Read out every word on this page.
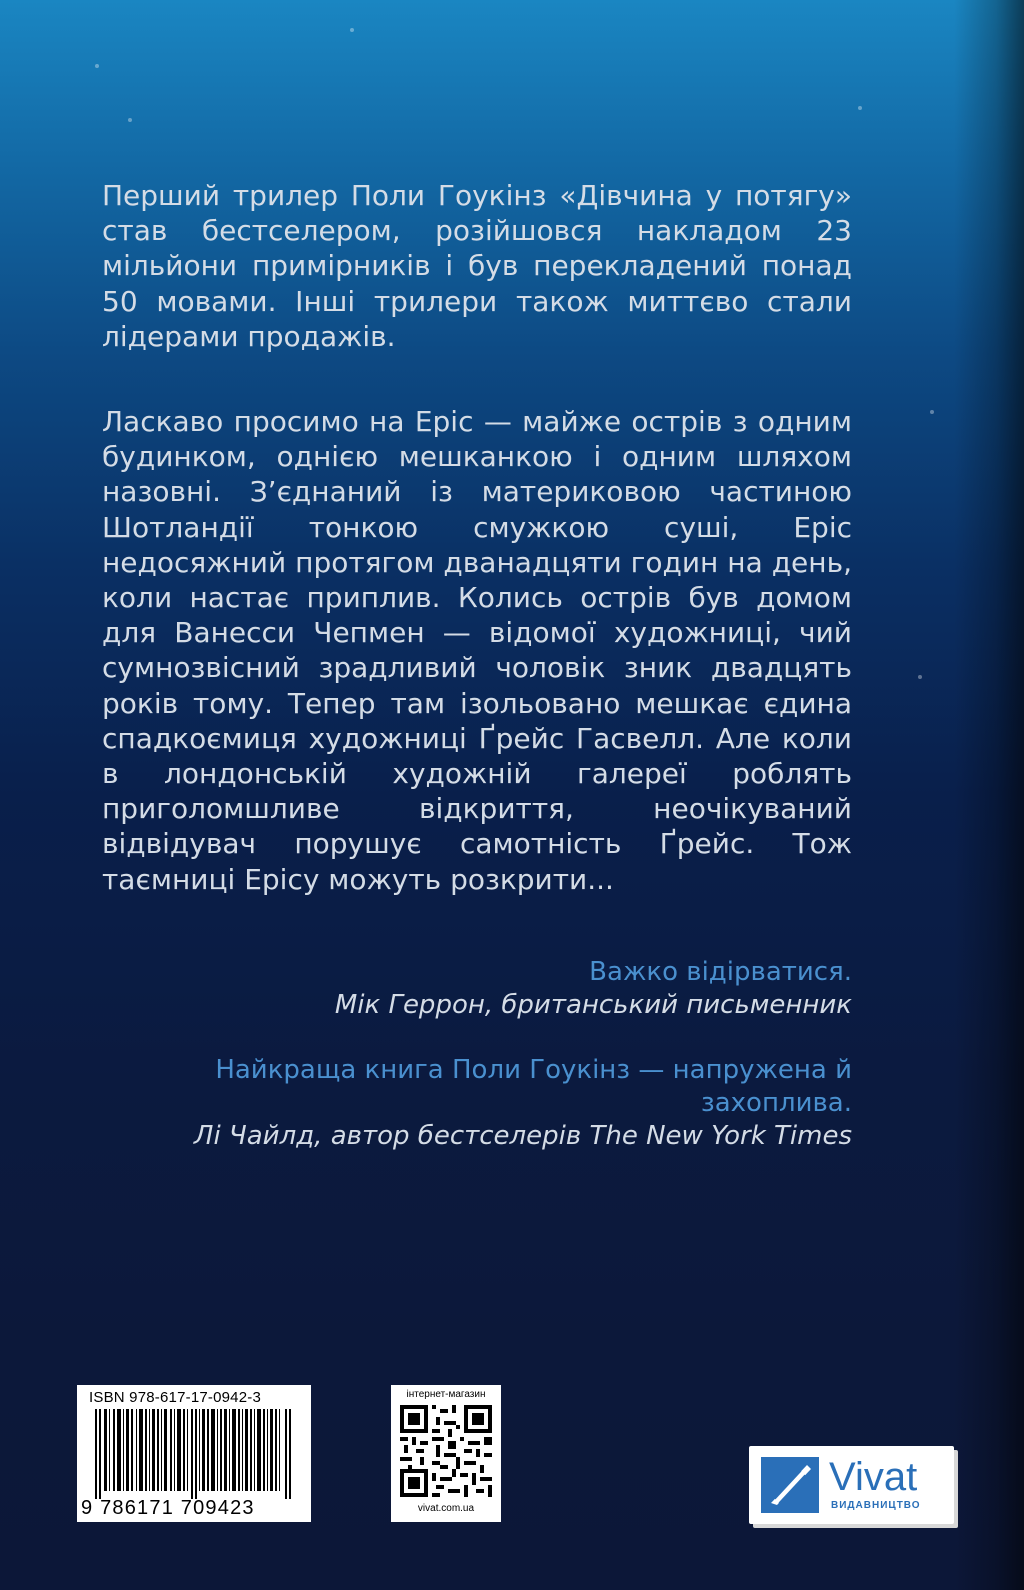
Перший трилер Поли Гоукінз «Дівчина у потягу» став бестселером, розійшовся накладом 23 мільйони примірників і був перекладений понад 50 мовами. Інші трилери також миттєво стали лідерами продажів.

Ласкаво просимо на Еріс — майже острів з одним будинком, однією мешканкою і одним шляхом назовні. З’єднаний із материковою частиною Шотландії тонкою смужкою суші, Еріс недосяжний протягом дванадцяти годин на день, коли настає приплив. Колись острів був домом для Ванесси Чепмен — відомої художниці, чий сумнозвісний зрадливий чоловік зник двадцять років тому. Тепер там ізольовано мешкає єдина спадкоємиця художниці Ґрейс Гасвелл. Але коли в лондонській художній галереї роблять приголомшливе відкриття, неочікуваний відвідувач порушує самотність Ґрейс. Тож таємниці Ерісу можуть розкрити...

Важко відірватися.
Мік Геррон, британський письменник
Найкраща книга Поли Гоукінз — напружена й захоплива.
Лі Чайлд, автор бестселерів The New York Times
ISBN 978-617-17-0942-3
9 786171 709423
інтернет-магазин
vivat.com.ua
Vivat
ВИДАВНИЦТВО
